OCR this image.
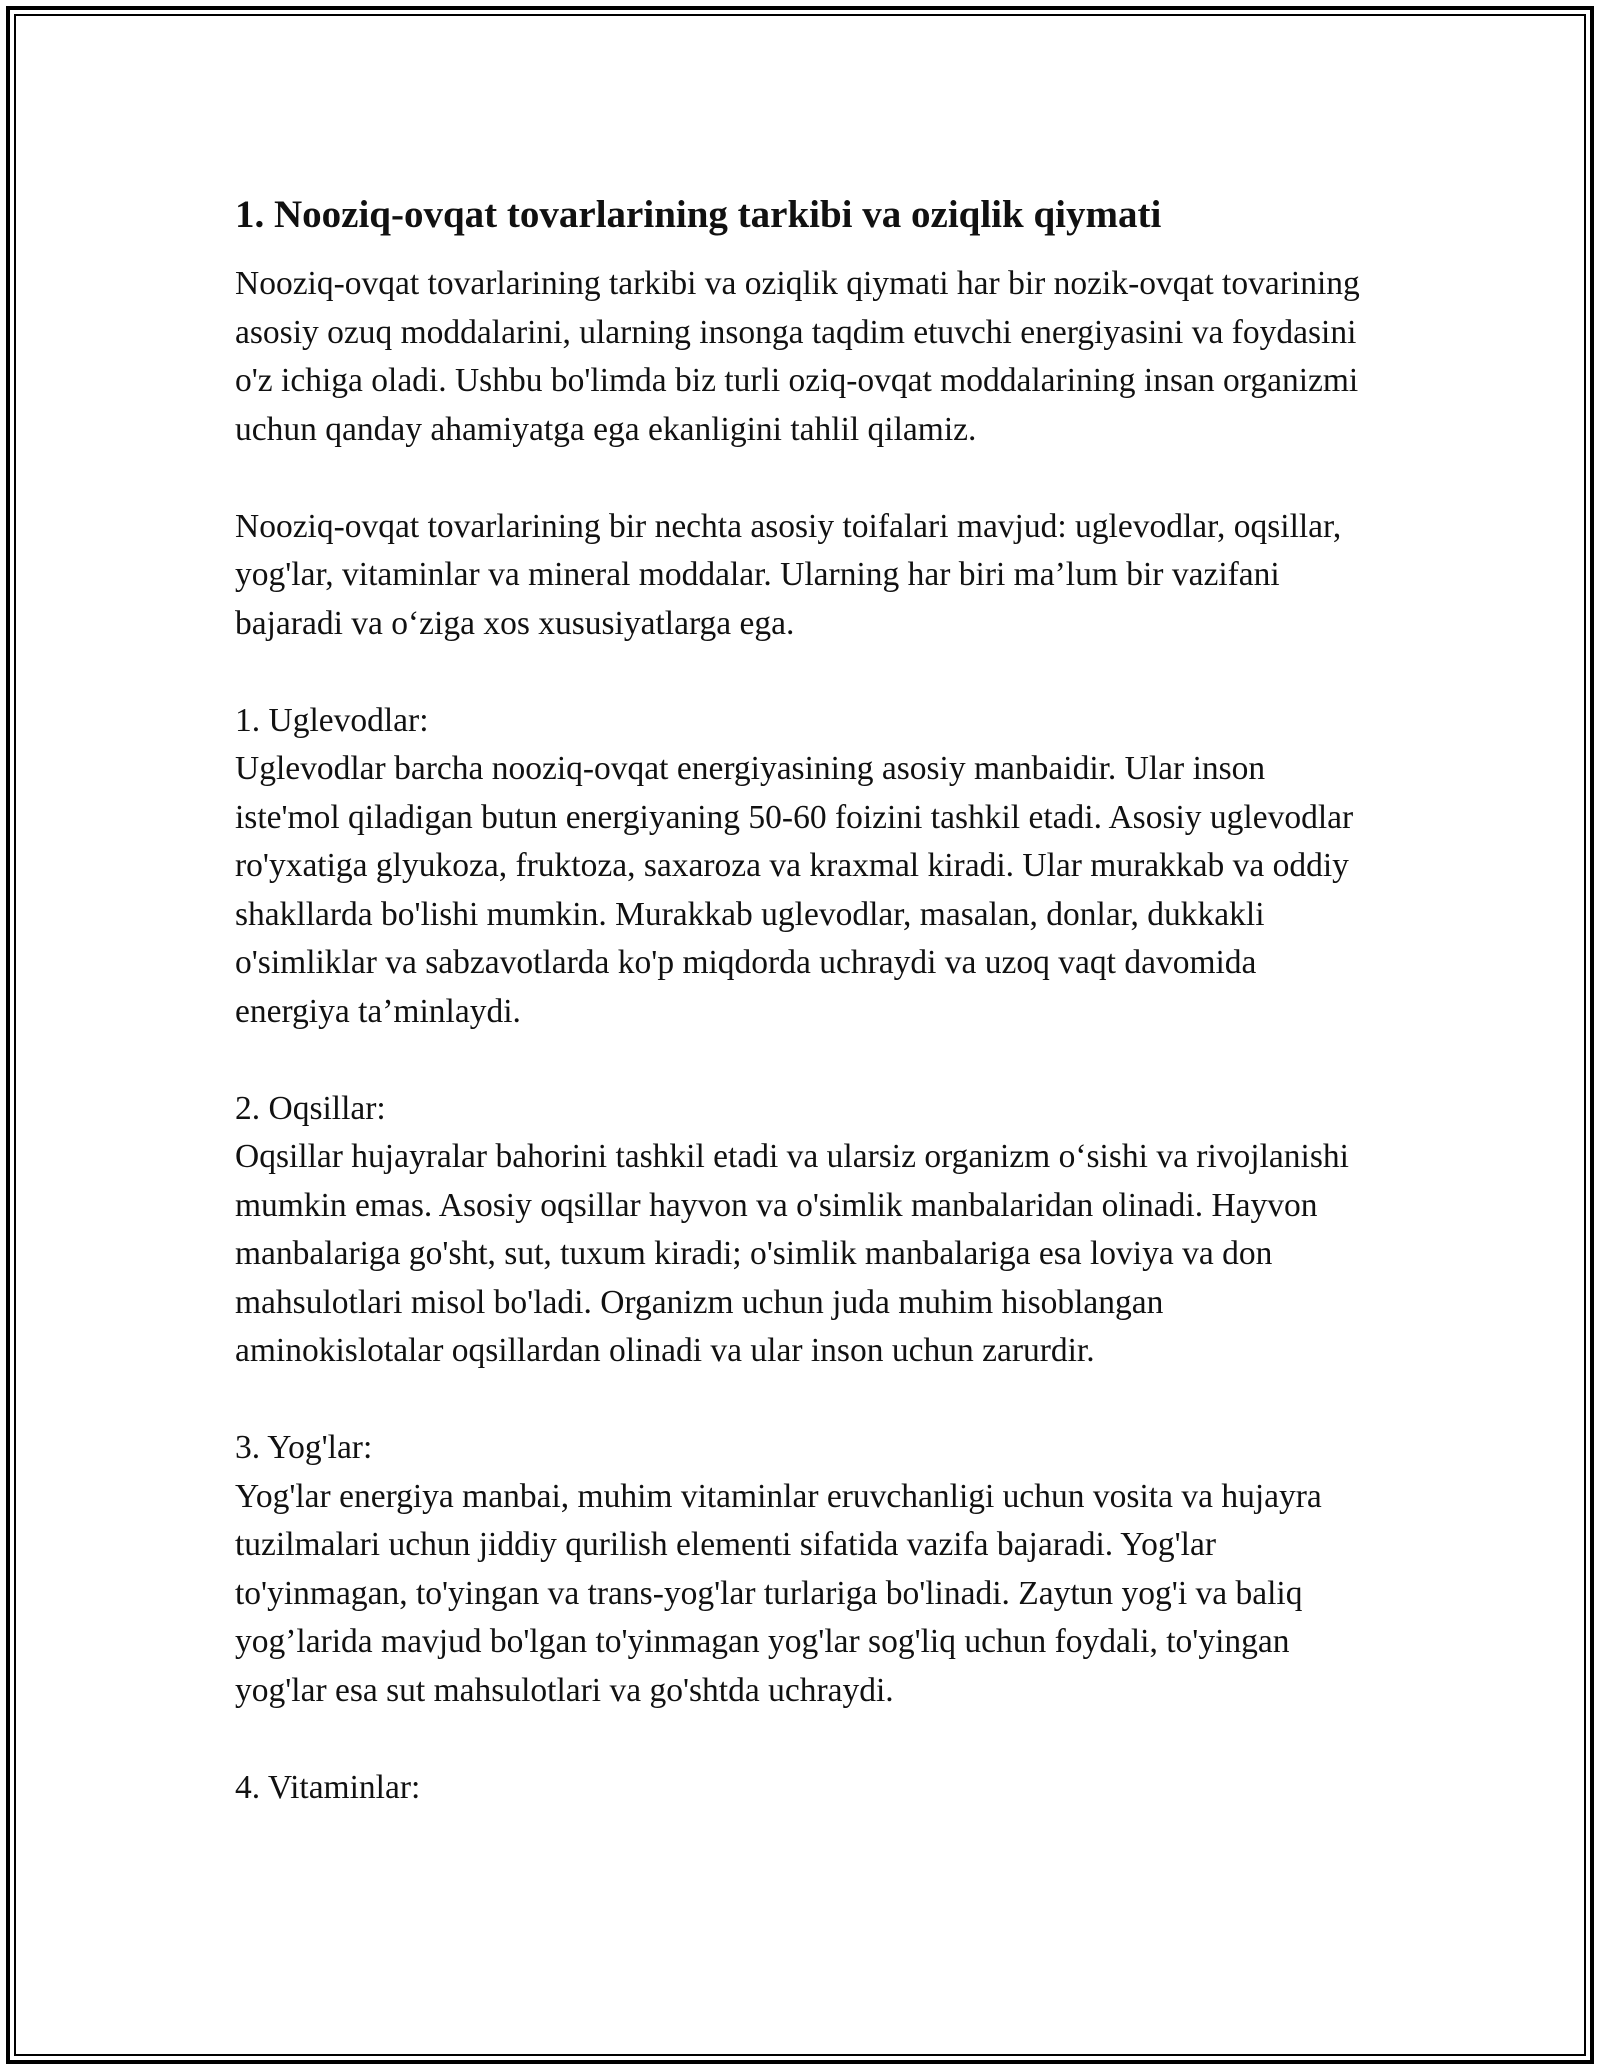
1. Nooziq-ovqat tovarlarining tarkibi va oziqlik qiymati

Nooziq-ovqat tovarlarining tarkibi va oziqlik qiymati har bir nozik-ovqat tovarining asosiy ozuq moddalarini, ularning insonga taqdim etuvchi energiyasini va foydasini o'z ichiga oladi. Ushbu bo'limda biz turli oziq-ovqat moddalarining insan organizmi uchun qanday ahamiyatga ega ekanligini tahlil qilamiz.

Nooziq-ovqat tovarlarining bir nechta asosiy toifalari mavjud: uglevodlar, oqsillar, yog'lar, vitaminlar va mineral moddalar. Ularning har biri ma’lum bir vazifani bajaradi va o‘ziga xos xususiyatlarga ega.

1. Uglevodlar:

Uglevodlar barcha nooziq-ovqat energiyasining asosiy manbaidir. Ular inson iste'mol qiladigan butun energiyaning 50-60 foizini tashkil etadi. Asosiy uglevodlar ro'yxatiga glyukoza, fruktoza, saxaroza va kraxmal kiradi. Ular murakkab va oddiy shakllarda bo'lishi mumkin. Murakkab uglevodlar, masalan, donlar, dukkakli o'simliklar va sabzavotlarda ko'p miqdorda uchraydi va uzoq vaqt davomida energiya ta’minlaydi.

2. Oqsillar:

Oqsillar hujayralar bahorini tashkil etadi va ularsiz organizm o‘sishi va rivojlanishi mumkin emas. Asosiy oqsillar hayvon va o'simlik manbalaridan olinadi. Hayvon manbalariga go'sht, sut, tuxum kiradi; o'simlik manbalariga esa loviya va don mahsulotlari misol bo'ladi. Organizm uchun juda muhim hisoblangan aminokislotalar oqsillardan olinadi va ular inson uchun zarurdir.

3. Yog'lar:

Yog'lar energiya manbai, muhim vitaminlar eruvchanligi uchun vosita va hujayra tuzilmalari uchun jiddiy qurilish elementi sifatida vazifa bajaradi. Yog'lar to'yinmagan, to'yingan va trans-yog'lar turlariga bo'linadi. Zaytun yog'i va baliq yog’larida mavjud bo'lgan to'yinmagan yog'lar sog'liq uchun foydali, to'yingan yog'lar esa sut mahsulotlari va go'shtda uchraydi.

4. Vitaminlar:
